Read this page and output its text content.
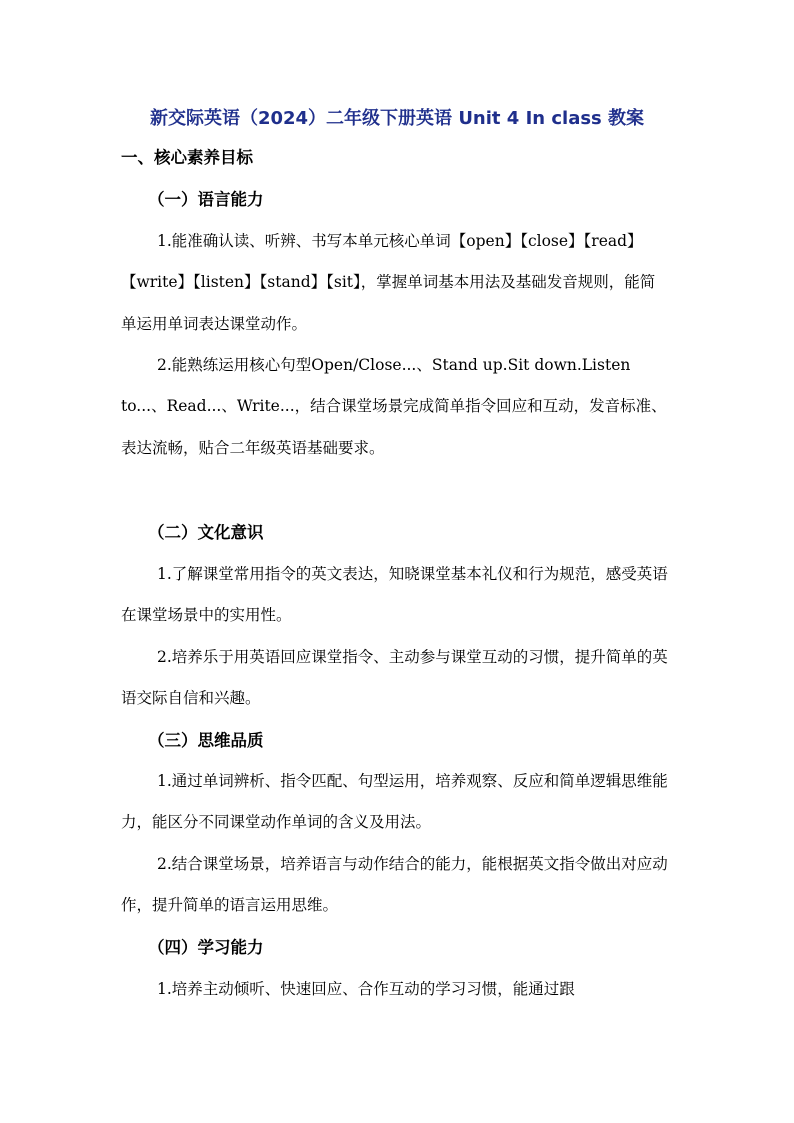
新交际英语（2024）二年级下册英语 Unit 4 In class 教案
一、核心素养目标
（一）语言能力

1.能准确认读、听辨、书写本单元核心单词【open】【close】【read】【write】【listen】【stand】【sit】，掌握单词基本用法及基础发音规则，能简单运用单词表达课堂动作。

2.能熟练运用核心句型Open/Close...、Stand up.Sit down.Listen to...、Read...、Write...，结合课堂场景完成简单指令回应和互动，发音标准、表达流畅，贴合二年级英语基础要求。

（二）文化意识

1.了解课堂常用指令的英文表达，知晓课堂基本礼仪和行为规范，感受英语在课堂场景中的实用性。

2.培养乐于用英语回应课堂指令、主动参与课堂互动的习惯，提升简单的英语交际自信和兴趣。

（三）思维品质

1.通过单词辨析、指令匹配、句型运用，培养观察、反应和简单逻辑思维能力，能区分不同课堂动作单词的含义及用法。

2.结合课堂场景，培养语言与动作结合的能力，能根据英文指令做出对应动作，提升简单的语言运用思维。

（四）学习能力

1.培养主动倾听、快速回应、合作互动的学习习惯，能通过跟
